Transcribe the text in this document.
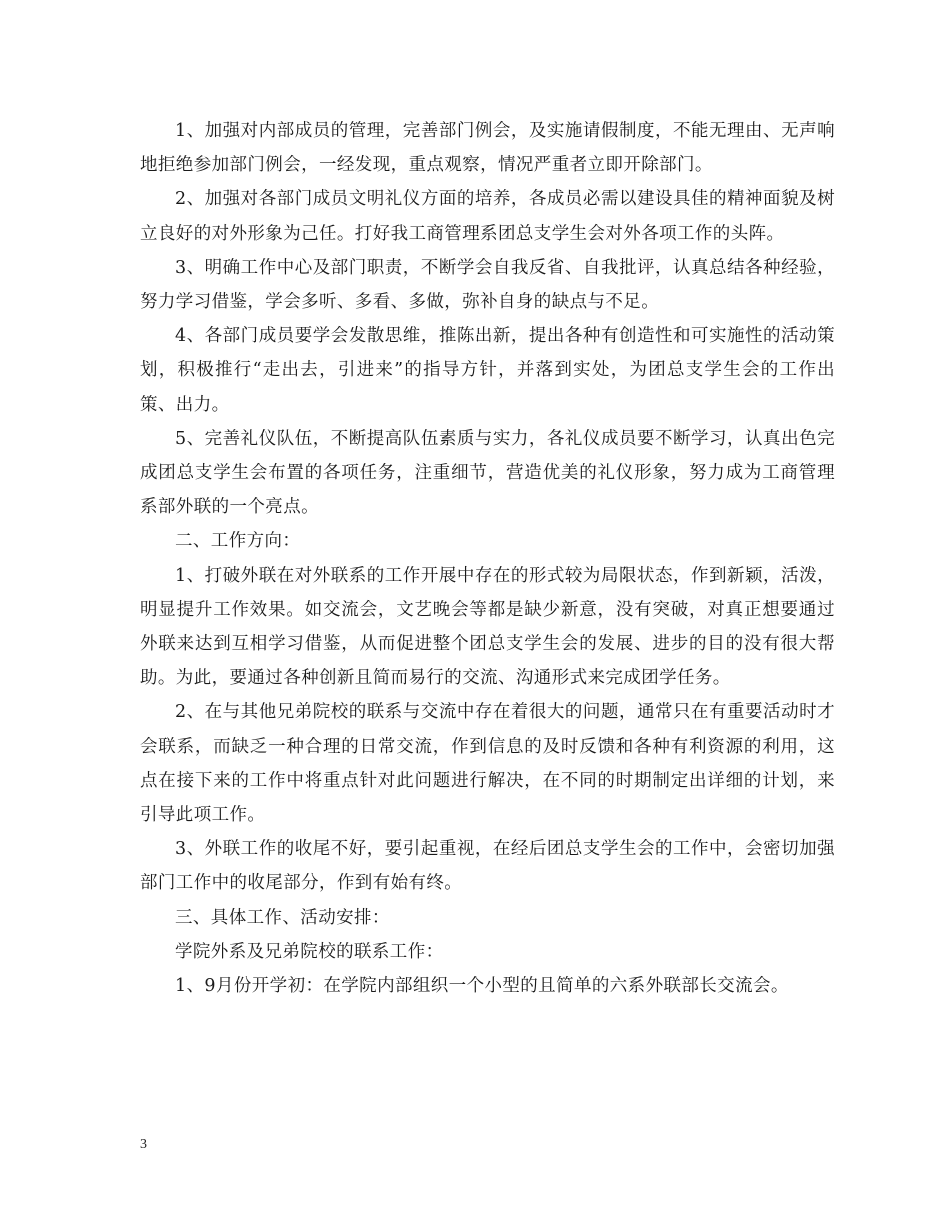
1、加强对内部成员的管理，完善部门例会，及实施请假制度，不能无理由、无声响地拒绝参加部门例会，一经发现，重点观察，情况严重者立即开除部门。

2、加强对各部门成员文明礼仪方面的培养，各成员必需以建设具佳的精神面貌及树立良好的对外形象为己任。打好我工商管理系团总支学生会对外各项工作的头阵。

3、明确工作中心及部门职责，不断学会自我反省、自我批评，认真总结各种经验，努力学习借鉴，学会多听、多看、多做，弥补自身的缺点与不足。

4、各部门成员要学会发散思维，推陈出新，提出各种有创造性和可实施性的活动策划，积极推行“走出去，引进来”的指导方针，并落到实处，为团总支学生会的工作出策、出力。

5、完善礼仪队伍，不断提高队伍素质与实力，各礼仪成员要不断学习，认真出色完成团总支学生会布置的各项任务，注重细节，营造优美的礼仪形象，努力成为工商管理系部外联的一个亮点。

二、工作方向：

1、打破外联在对外联系的工作开展中存在的形式较为局限状态，作到新颖，活泼，明显提升工作效果。如交流会，文艺晚会等都是缺少新意，没有突破，对真正想要通过外联来达到互相学习借鉴，从而促进整个团总支学生会的发展、进步的目的没有很大帮助。为此，要通过各种创新且简而易行的交流、沟通形式来完成团学任务。

2、在与其他兄弟院校的联系与交流中存在着很大的问题，通常只在有重要活动时才会联系，而缺乏一种合理的日常交流，作到信息的及时反馈和各种有利资源的利用，这点在接下来的工作中将重点针对此问题进行解决，在不同的时期制定出详细的计划，来引导此项工作。

3、外联工作的收尾不好，要引起重视，在经后团总支学生会的工作中，会密切加强部门工作中的收尾部分，作到有始有终。

三、具体工作、活动安排：

学院外系及兄弟院校的联系工作：

1、9月份开学初：在学院内部组织一个小型的且简单的六系外联部长交流会。

3
